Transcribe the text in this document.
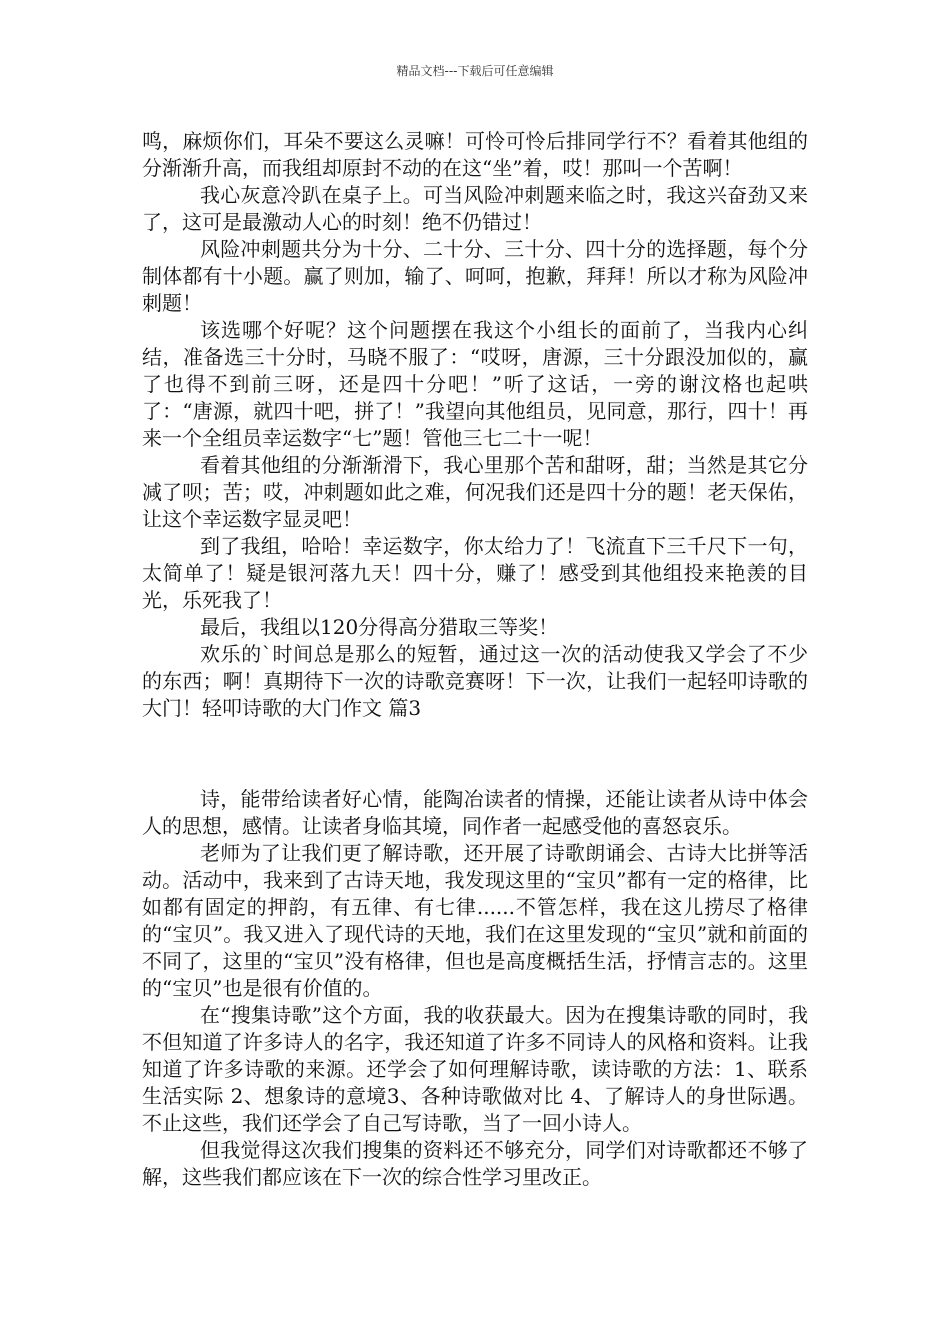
精品文档---下载后可任意编辑

鸣，麻烦你们，耳朵不要这么灵嘛！可怜可怜后排同学行不？看着其他组的分渐渐升高，而我组却原封不动的在这“坐”着，哎！那叫一个苦啊！

我心灰意冷趴在桌子上。可当风险冲刺题来临之时，我这兴奋劲又来了，这可是最激动人心的时刻！绝不仍错过！

风险冲刺题共分为十分、二十分、三十分、四十分的选择题，每个分制体都有十小题。赢了则加，输了、呵呵，抱歉，拜拜！所以才称为风险冲刺题！

该选哪个好呢？这个问题摆在我这个小组长的面前了，当我内心纠结，准备选三十分时，马晓不服了：“哎呀，唐源，三十分跟没加似的，赢了也得不到前三呀，还是四十分吧！”听了这话，一旁的谢汶格也起哄了：“唐源，就四十吧，拼了！”我望向其他组员，见同意，那行，四十！再来一个全组员幸运数字“七”题！管他三七二十一呢！

看着其他组的分渐渐滑下，我心里那个苦和甜呀，甜；当然是其它分减了呗；苦；哎，冲刺题如此之难，何况我们还是四十分的题！老天保佑，让这个幸运数字显灵吧！

到了我组，哈哈！幸运数字，你太给力了！飞流直下三千尺下一句，太简单了！疑是银河落九天！四十分，赚了！感受到其他组投来艳羡的目光，乐死我了！

最后，我组以120分得高分猎取三等奖！

欢乐的`时间总是那么的短暂，通过这一次的活动使我又学会了不少的东西；啊！真期待下一次的诗歌竞赛呀！下一次，让我们一起轻叩诗歌的大门！轻叩诗歌的大门作文 篇3

诗，能带给读者好心情，能陶冶读者的情操，还能让读者从诗中体会人的思想，感情。让读者身临其境，同作者一起感受他的喜怒哀乐。

老师为了让我们更了解诗歌，还开展了诗歌朗诵会、古诗大比拼等活动。活动中，我来到了古诗天地，我发现这里的“宝贝”都有一定的格律，比如都有固定的押韵，有五律、有七律......不管怎样，我在这儿捞尽了格律的“宝贝”。我又进入了现代诗的天地，我们在这里发现的“宝贝”就和前面的不同了，这里的“宝贝”没有格律，但也是高度概括生活，抒情言志的。这里的“宝贝”也是很有价值的。

在“搜集诗歌”这个方面，我的收获最大。因为在搜集诗歌的同时，我不但知道了许多诗人的名字，我还知道了许多不同诗人的风格和资料。让我知道了许多诗歌的来源。还学会了如何理解诗歌，读诗歌的方法：1、联系生活实际 2、想象诗的意境3、各种诗歌做对比 4、了解诗人的身世际遇。不止这些，我们还学会了自己写诗歌，当了一回小诗人。

但我觉得这次我们搜集的资料还不够充分，同学们对诗歌都还不够了解，这些我们都应该在下一次的综合性学习里改正。
